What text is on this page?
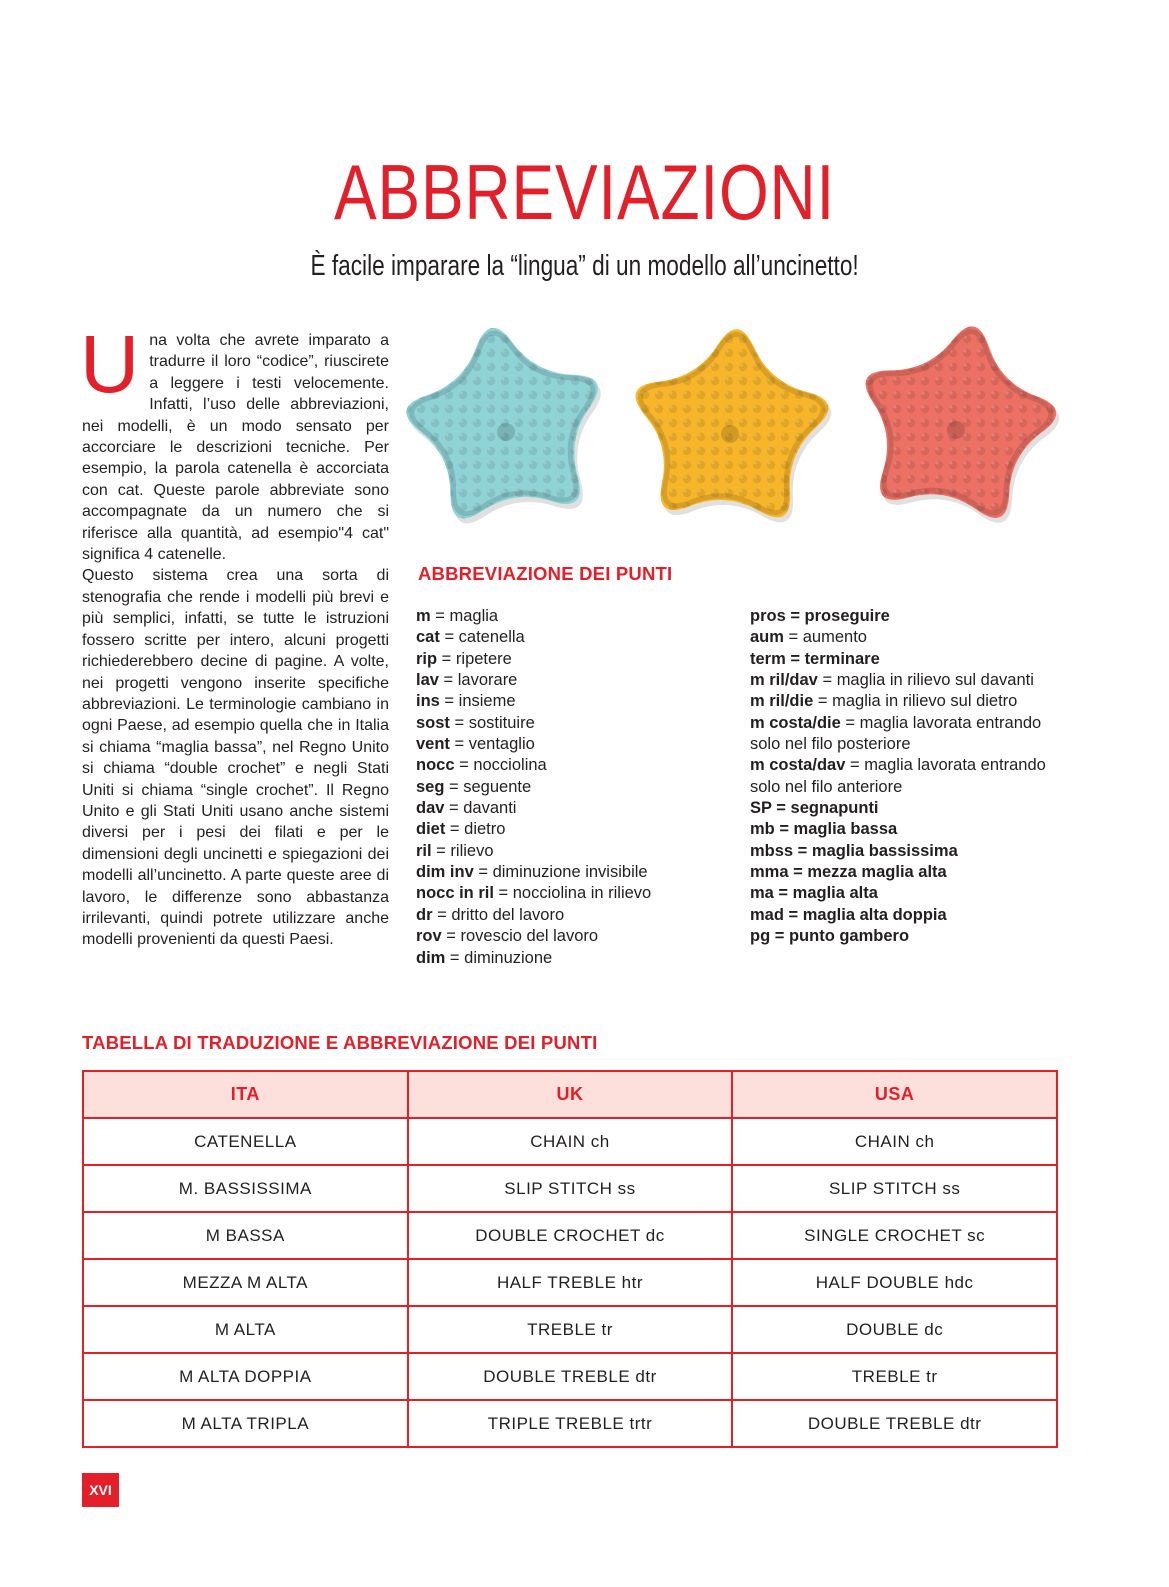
ABBREVIAZIONI
È facile imparare la “lingua” di un modello all’uncinetto!
U na volta che avrete imparato a tradurre il loro “codice”, riuscirete a leggere i testi velocemente. Infatti, l’uso delle abbreviazioni, nei modelli, è un modo sensato per accorciare le descrizioni tecniche. Per esempio, la parola catenella è accorciata con cat. Queste parole abbreviate sono accompagnate da un numero che si riferisce alla quantità, ad esempio"4 cat" significa 4 catenelle.
Questo sistema crea una sorta di stenografia che rende i modelli più brevi e più semplici, infatti, se tutte le istruzioni fossero scritte per intero, alcuni progetti richiederebbero decine di pagine. A volte, nei progetti vengono inserite specifiche abbreviazioni. Le terminologie cambiano in ogni Paese, ad esempio quella che in Italia si chiama “maglia bassa”, nel Regno Unito si chiama “double crochet” e negli Stati Uniti si chiama “single crochet”. Il Regno Unito e gli Stati Uniti usano anche sistemi diversi per i pesi dei filati e per le dimensioni degli uncinetti e spiegazioni dei modelli all’uncinetto. A parte queste aree di lavoro, le differenze sono abbastanza irrilevanti, quindi potrete utilizzare anche modelli provenienti da questi Paesi.
ABBREVIAZIONE DEI PUNTI
m = maglia
cat = catenella
rip = ripetere
lav = lavorare
ins = insieme
sost = sostituire
vent = ventaglio
nocc = nocciolina
seg = seguente
dav = davanti
diet = dietro
ril = rilievo
dim inv = diminuzione invisibile
nocc in ril = nocciolina in rilievo
dr = dritto del lavoro
rov = rovescio del lavoro
dim = diminuzione
pros = proseguire
aum = aumento
term = terminare
m ril/dav = maglia in rilievo sul davanti
m ril/die = maglia in rilievo sul dietro
m costa/die = maglia lavorata entrando solo nel filo posteriore
m costa/dav = maglia lavorata entrando solo nel filo anteriore
SP = segnapunti
mb = maglia bassa
mbss = maglia bassissima
mma = mezza maglia alta
ma = maglia alta
mad = maglia alta doppia
pg = punto gambero
TABELLA DI TRADUZIONE E ABBREVIAZIONE DEI PUNTI
ITA	UK	USA
CATENELLA	CHAIN ch	CHAIN ch
M. BASSISSIMA	SLIP STITCH ss	SLIP STITCH ss
M BASSA	DOUBLE CROCHET dc	SINGLE CROCHET sc
MEZZA M ALTA	HALF TREBLE htr	HALF DOUBLE hdc
M ALTA	TREBLE tr	DOUBLE dc
M ALTA DOPPIA	DOUBLE TREBLE dtr	TREBLE tr
M ALTA TRIPLA	TRIPLE TREBLE trtr	DOUBLE TREBLE dtr
XVI
